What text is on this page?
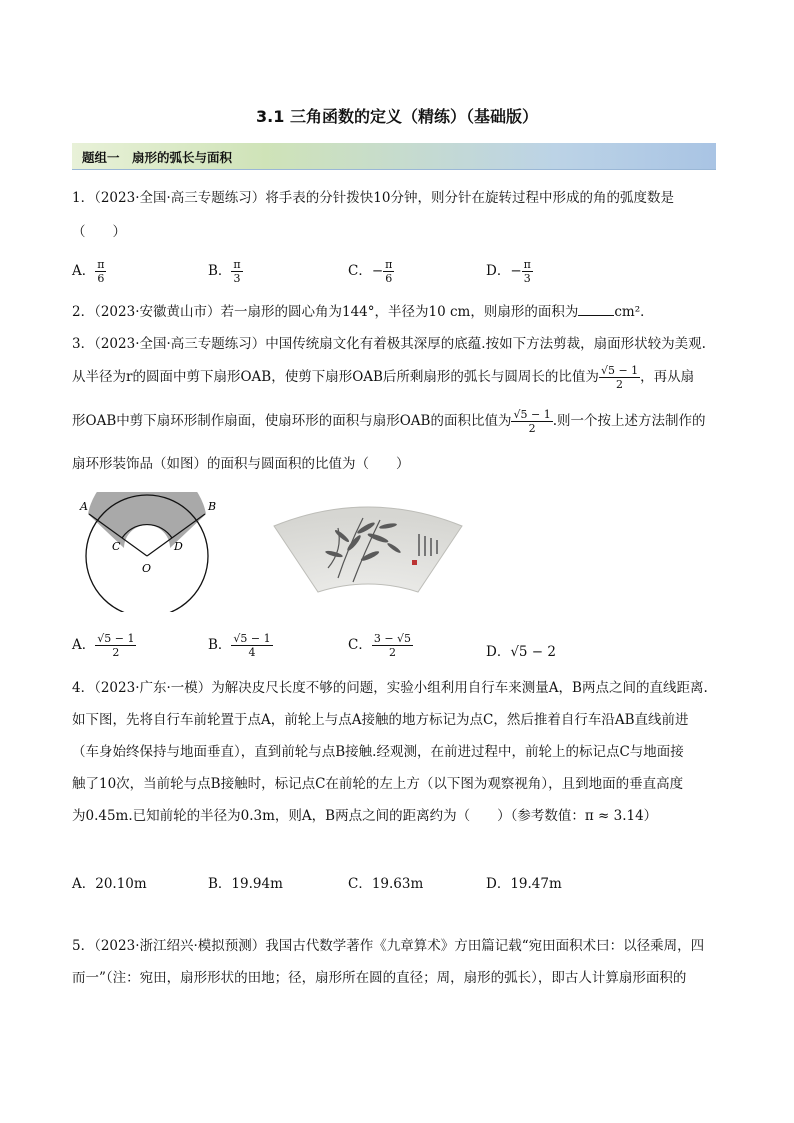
3.1 三角函数的定义（精练）（基础版）
题组一　扇形的弧长与面积
1．（2023·全国·高三专题练习）将手表的分针拨快10分钟，则分针在旋转过程中形成的角的弧度数是
（　　）
A． $\frac{\pi}{6}$	B． $\frac{\pi}{3}$	C．− $\frac{\pi}{6}$	D．− $\frac{\pi}{3}$
2．（2023·安徽黄山市）若一扇形的圆心角为144°，半径为10 cm，则扇形的面积为	cm²．
3．（2023·全国·高三专题练习）中国传统扇文化有着极其深厚的底蕴.按如下方法剪裁，扇面形状较为美观.
从半径为r的圆面中剪下扇形OAB，使剪下扇形OAB后所剩扇形的弧长与圆周长的比值为 $\frac{√5 - 1}{2}$ ，再从扇
形OAB中剪下扇环形制作扇面，使扇环形的面积与扇形OAB的面积比值为 $\frac{√5 - 1}{2}$ .则一个按上述方法制作的
扇环形装饰品（如图）的面积与圆面积的比值为（　　）
A	B
C	D
O
A． $\frac{√5 - 1}{2}$	B． $\frac{√5 - 1}{4}$	C． $\frac{3 - √5}{2}$	D．√5 − 2
4．（2023·广东·一模）为解决皮尺长度不够的问题，实验小组利用自行车来测量A，B两点之间的直线距离.
如下图，先将自行车前轮置于点A，前轮上与点A接触的地方标记为点C，然后推着自行车沿AB直线前进
（车身始终保持与地面垂直），直到前轮与点B接触.经观测，在前进过程中，前轮上的标记点C与地面接
触了10次，当前轮与点B接触时，标记点C在前轮的左上方（以下图为观察视角），且到地面的垂直高度
为0.45m.已知前轮的半径为0.3m，则A，B两点之间的距离约为（　　）（参考数值：π ≈ 3.14）
A．20.10m	B．19.94m	C．19.63m	D．19.47m
5．（2023·浙江绍兴·模拟预测）我国古代数学著作《九章算术》方田篇记载“宛田面积术曰：以径乘周，四
而一”（注：宛田，扇形形状的田地；径，扇形所在圆的直径；周，扇形的弧长），即古人计算扇形面积的
